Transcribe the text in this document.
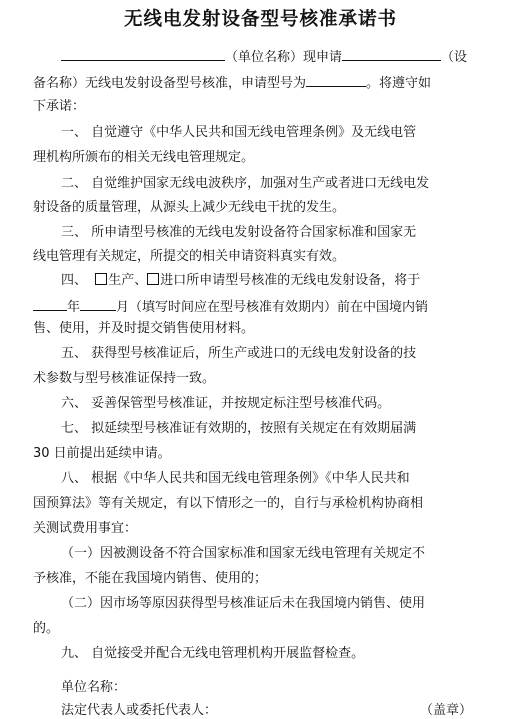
无线电发射设备型号核准承诺书
（单位名称）现申请	（设
备名称）无线电发射设备型号核准，申请型号为	。将遵守如
下承诺：
一、 自觉遵守《中华人民共和国无线电管理条例》及无线电管
理机构所颁布的相关无线电管理规定。
二、 自觉维护国家无线电波秩序，加强对生产或者进口无线电发
射设备的质量管理，从源头上减少无线电干扰的发生。
三、 所申请型号核准的无线电发射设备符合国家标准和国家无
线电管理有关规定，所提交的相关申请资料真实有效。
四、 生产、 进口所申请型号核准的无线电发射设备，将于
年	月（填写时间应在型号核准有效期内）前在中国境内销
售、使用，并及时提交销售使用材料。
五、 获得型号核准证后，所生产或进口的无线电发射设备的技
术参数与型号核准证保持一致。
六、 妥善保管型号核准证，并按规定标注型号核准代码。
七、 拟延续型号核准证有效期的，按照有关规定在有效期届满
30 日前提出延续申请。
八、 根据《中华人民共和国无线电管理条例》《中华人民共和
国预算法》等有关规定，有以下情形之一的，自行与承检机构协商相
关测试费用事宜：
（一）因被测设备不符合国家标准和国家无线电管理有关规定不
予核准，不能在我国境内销售、使用的；
（二）因市场等原因获得型号核准证后未在我国境内销售、使用
的。
九、 自觉接受并配合无线电管理机构开展监督检查。
单位名称：
法定代表人或委托代表人：	（盖章）
